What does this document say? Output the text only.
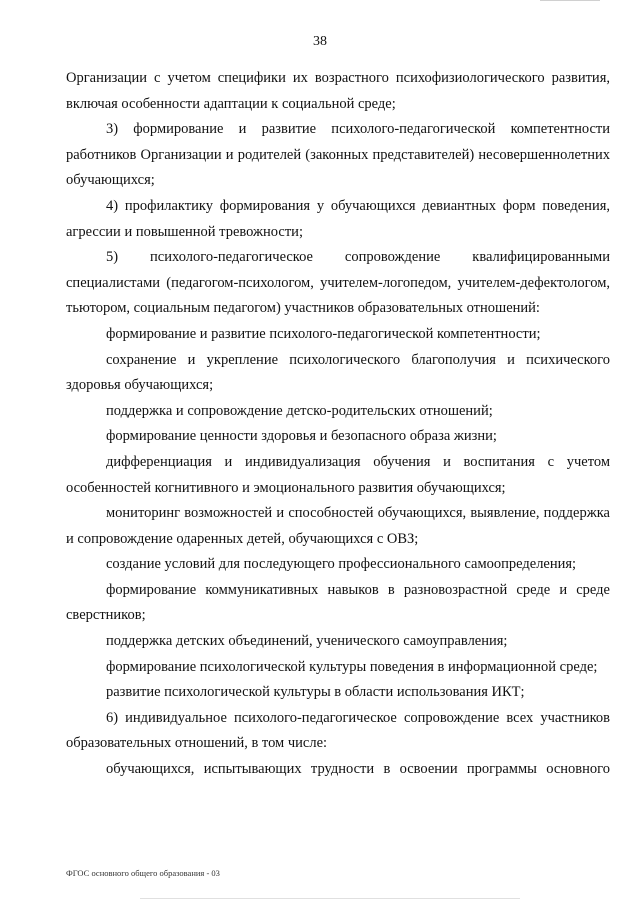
38

Организации с учетом специфики их возрастного психофизиологического развития, включая особенности адаптации к социальной среде;

3) формирование и развитие психолого-педагогической компетентности работников Организации и родителей (законных представителей) несовершеннолетних обучающихся;

4) профилактику формирования у обучающихся девиантных форм поведения, агрессии и повышенной тревожности;

5) психолого-педагогическое сопровождение квалифицированными специалистами (педагогом-психологом, учителем-логопедом, учителем-дефектологом, тьютором, социальным педагогом) участников образовательных отношений:

формирование и развитие психолого-педагогической компетентности;

сохранение и укрепление психологического благополучия и психического здоровья обучающихся;

поддержка и сопровождение детско-родительских отношений;

формирование ценности здоровья и безопасного образа жизни;

дифференциация и индивидуализация обучения и воспитания с учетом особенностей когнитивного и эмоционального развития обучающихся;

мониторинг возможностей и способностей обучающихся, выявление, поддержка и сопровождение одаренных детей, обучающихся с ОВЗ;

создание условий для последующего профессионального самоопределения;

формирование коммуникативных навыков в разновозрастной среде и среде сверстников;

поддержка детских объединений, ученического самоуправления;

формирование психологической культуры поведения в информационной среде;

развитие психологической культуры в области использования ИКТ;

6) индивидуальное психолого-педагогическое сопровождение всех участников образовательных отношений, в том числе:

обучающихся, испытывающих трудности в освоении программы основного

ФГОС основного общего образования - 03
